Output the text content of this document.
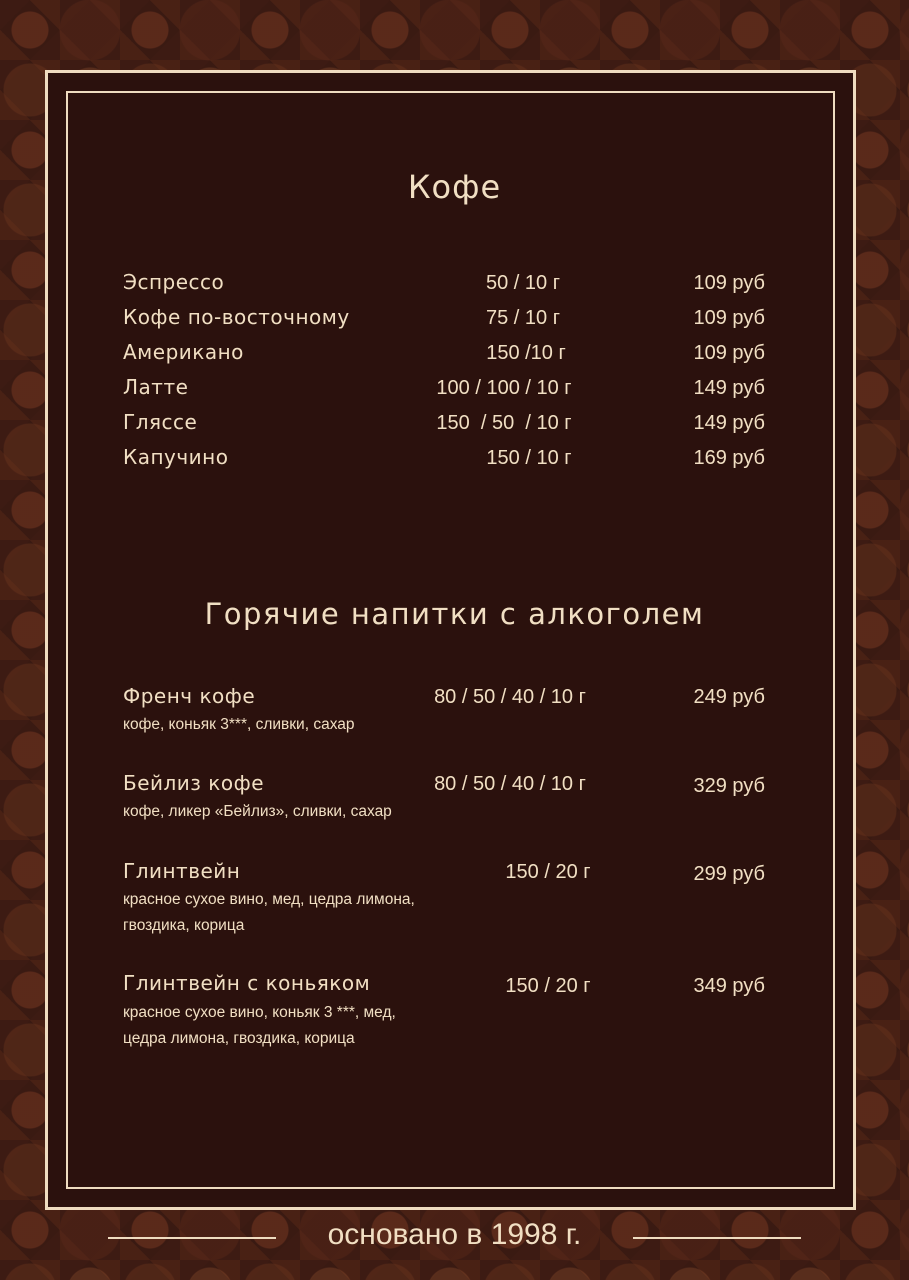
Кофе
Эспрессо	50 / 10 г	109 руб
Кофе по-восточному	75 / 10 г	109 руб
Американо	150 /10 г	109 руб
Латте	100 / 100 / 10 г	149 руб
Гляссе	150  / 50  / 10 г	149 руб
Капучино	150 / 10 г	169 руб
Горячие напитки с алкоголем
Френч кофе	80 / 50 / 40 / 10 г	249 руб
кофе, коньяк 3***, сливки, сахар
Бейлиз кофе	80 / 50 / 40 / 10 г	329 руб
кофе, ликер «Бейлиз», сливки, сахар
Глинтвейн	150 / 20 г	299 руб
красное сухое вино, мед, цедра лимона,
гвоздика, корица
Глинтвейн с коньяком	150 / 20 г	349 руб
красное сухое вино, коньяк 3 ***, мед,
цедра лимона, гвоздика, корица
основано в 1998 г.
